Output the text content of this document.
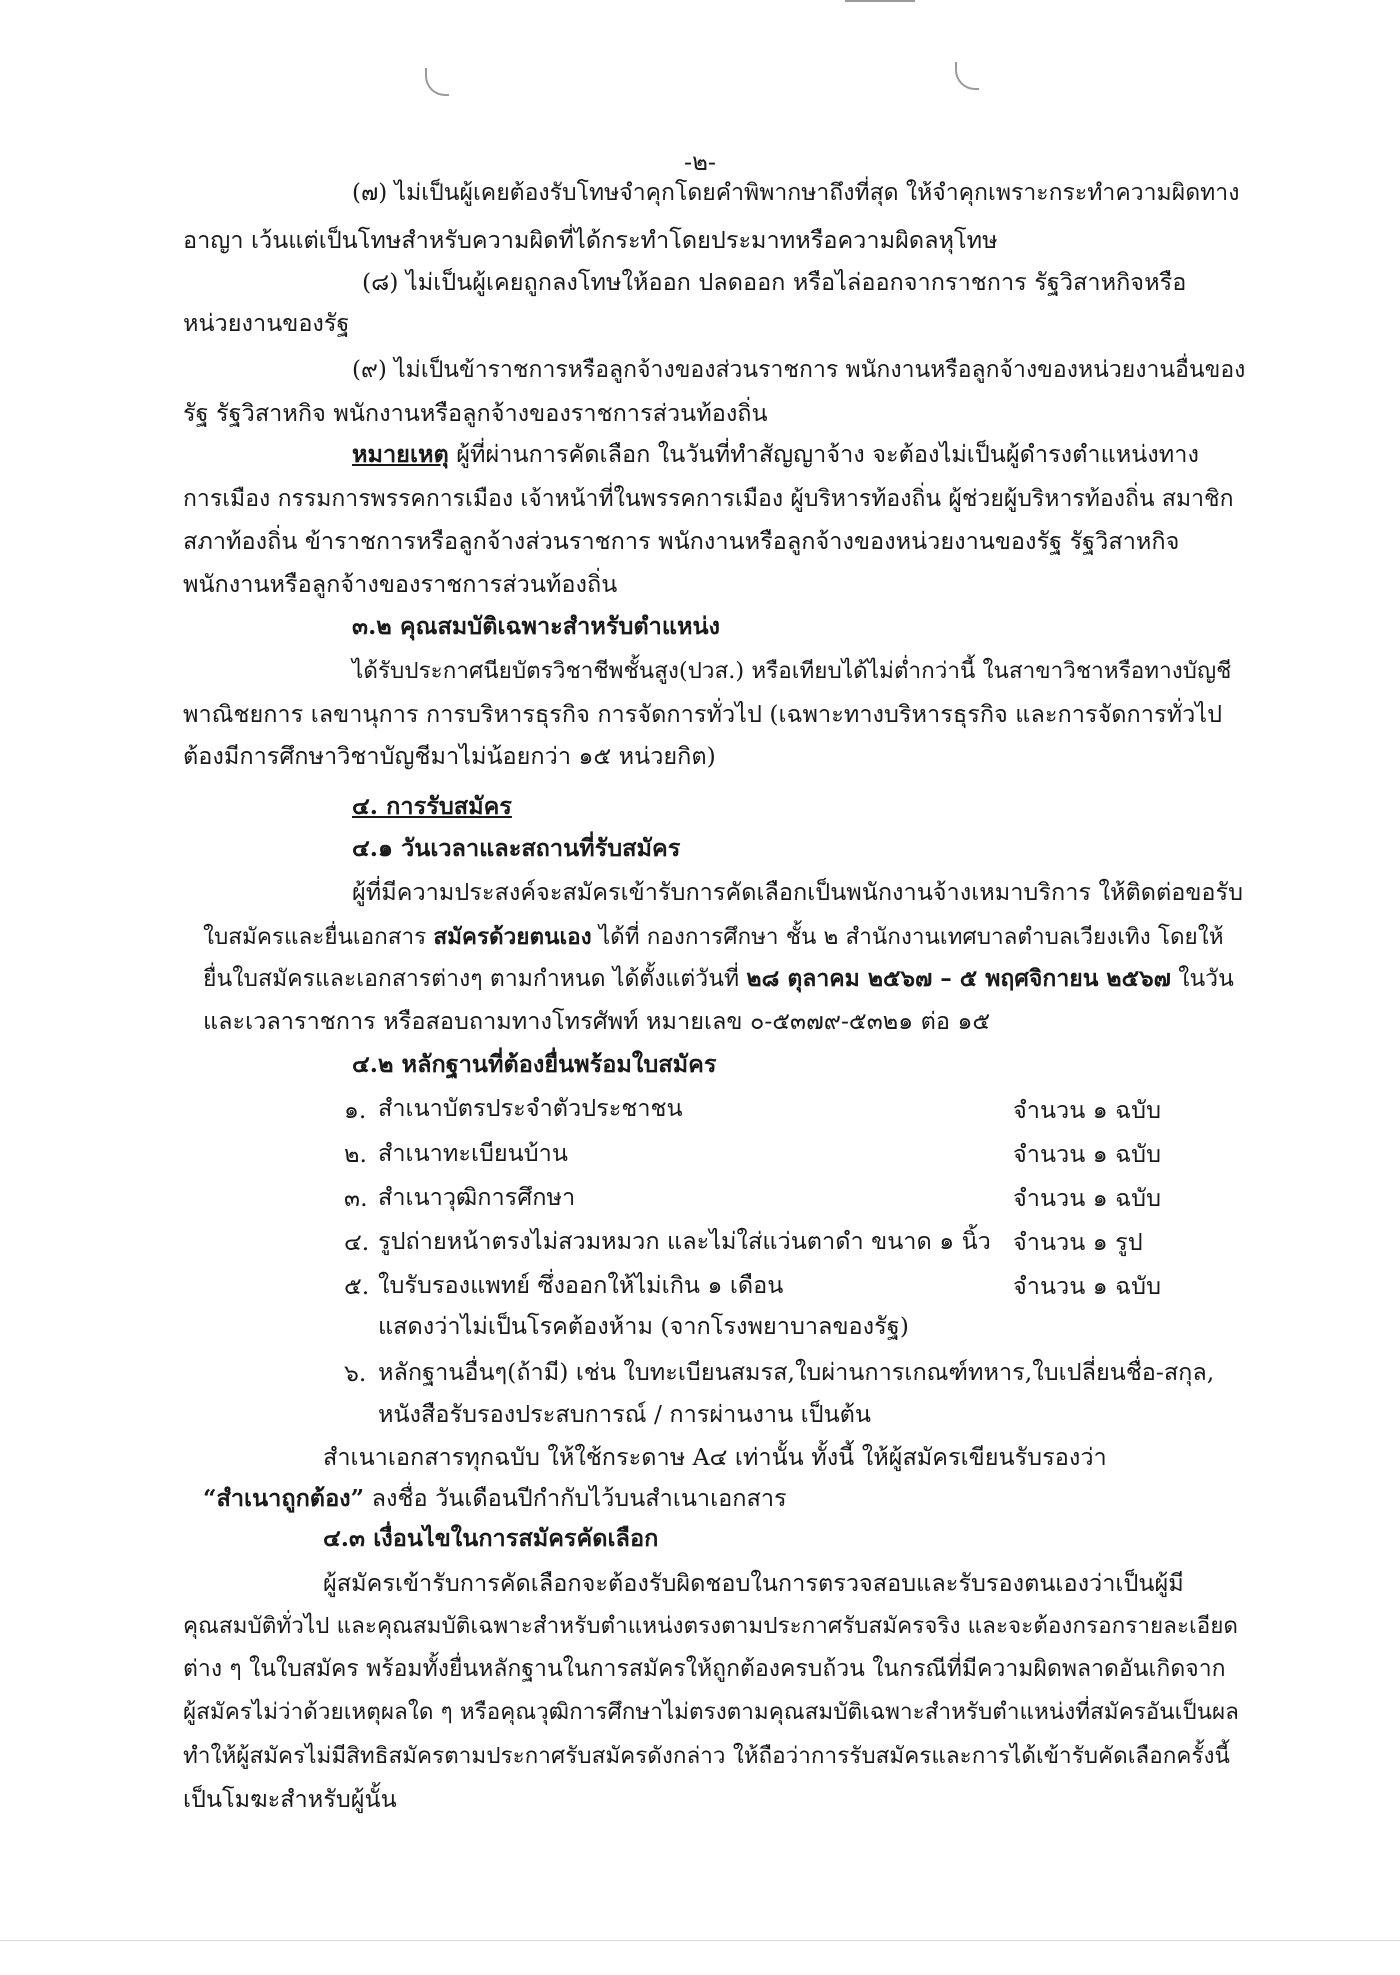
-๒-
(๗) ไม่เป็นผู้เคยต้องรับโทษจำคุกโดยคำพิพากษาถึงที่สุด ให้จำคุกเพราะกระทำความผิดทาง
อาญา เว้นแต่เป็นโทษสำหรับความผิดที่ได้กระทำโดยประมาทหรือความผิดลหุโทษ
(๘) ไม่เป็นผู้เคยถูกลงโทษให้ออก ปลดออก หรือไล่ออกจากราชการ รัฐวิสาหกิจหรือ
หน่วยงานของรัฐ
(๙) ไม่เป็นข้าราชการหรือลูกจ้างของส่วนราชการ พนักงานหรือลูกจ้างของหน่วยงานอื่นของ
รัฐ รัฐวิสาหกิจ พนักงานหรือลูกจ้างของราชการส่วนท้องถิ่น
หมายเหตุ ผู้ที่ผ่านการคัดเลือก ในวันที่ทำสัญญาจ้าง จะต้องไม่เป็นผู้ดำรงตำแหน่งทาง
การเมือง กรรมการพรรคการเมือง เจ้าหน้าที่ในพรรคการเมือง ผู้บริหารท้องถิ่น ผู้ช่วยผู้บริหารท้องถิ่น สมาชิก
สภาท้องถิ่น ข้าราชการหรือลูกจ้างส่วนราชการ พนักงานหรือลูกจ้างของหน่วยงานของรัฐ รัฐวิสาหกิจ
พนักงานหรือลูกจ้างของราชการส่วนท้องถิ่น
๓.๒ คุณสมบัติเฉพาะสำหรับตำแหน่ง
ได้รับประกาศนียบัตรวิชาชีพชั้นสูง(ปวส.) หรือเทียบได้ไม่ต่ำกว่านี้ ในสาขาวิชาหรือทางบัญชี
พาณิชยการ เลขานุการ การบริหารธุรกิจ การจัดการทั่วไป (เฉพาะทางบริหารธุรกิจ และการจัดการทั่วไป
ต้องมีการศึกษาวิชาบัญชีมาไม่น้อยกว่า ๑๕ หน่วยกิต)
๔. การรับสมัคร
๔.๑ วันเวลาและสถานที่รับสมัคร
ผู้ที่มีความประสงค์จะสมัครเข้ารับการคัดเลือกเป็นพนักงานจ้างเหมาบริการ ให้ติดต่อขอรับ
ใบสมัครและยื่นเอกสาร สมัครด้วยตนเอง ได้ที่ กองการศึกษา ชั้น ๒ สำนักงานเทศบาลตำบลเวียงเทิง โดยให้
ยื่นใบสมัครและเอกสารต่างๆ ตามกำหนด ได้ตั้งแต่วันที่ ๒๘ ตุลาคม ๒๕๖๗ – ๕ พฤศจิกายน ๒๕๖๗ ในวัน
และเวลาราชการ หรือสอบถามทางโทรศัพท์ หมายเลข ๐-๕๓๗๙-๕๓๒๑ ต่อ ๑๕
๔.๒ หลักฐานที่ต้องยื่นพร้อมใบสมัคร
๑. สำเนาบัตรประจำตัวประชาชน	จำนวน ๑ ฉบับ
๒. สำเนาทะเบียนบ้าน	จำนวน ๑ ฉบับ
๓. สำเนาวุฒิการศึกษา	จำนวน ๑ ฉบับ
๔. รูปถ่ายหน้าตรงไม่สวมหมวก และไม่ใส่แว่นตาดำ ขนาด ๑ นิ้ว จำนวน ๑ รูป
๕. ใบรับรองแพทย์ ซึ่งออกให้ไม่เกิน ๑ เดือน	จำนวน ๑ ฉบับ
แสดงว่าไม่เป็นโรคต้องห้าม (จากโรงพยาบาลของรัฐ)
๖. หลักฐานอื่นๆ(ถ้ามี) เช่น ใบทะเบียนสมรส,ใบผ่านการเกณฑ์ทหาร,ใบเปลี่ยนชื่อ-สกุล,
หนังสือรับรองประสบการณ์ / การผ่านงาน เป็นต้น
สำเนาเอกสารทุกฉบับ ให้ใช้กระดาษ A๔ เท่านั้น ทั้งนี้ ให้ผู้สมัครเขียนรับรองว่า
“สำเนาถูกต้อง” ลงชื่อ วันเดือนปีกำกับไว้บนสำเนาเอกสาร
๔.๓ เงื่อนไขในการสมัครคัดเลือก
ผู้สมัครเข้ารับการคัดเลือกจะต้องรับผิดชอบในการตรวจสอบและรับรองตนเองว่าเป็นผู้มี
คุณสมบัติทั่วไป และคุณสมบัติเฉพาะสำหรับตำแหน่งตรงตามประกาศรับสมัครจริง และจะต้องกรอกรายละเอียด
ต่าง ๆ ในใบสมัคร พร้อมทั้งยื่นหลักฐานในการสมัครให้ถูกต้องครบถ้วน ในกรณีที่มีความผิดพลาดอันเกิดจาก
ผู้สมัครไม่ว่าด้วยเหตุผลใด ๆ หรือคุณวุฒิการศึกษาไม่ตรงตามคุณสมบัติเฉพาะสำหรับตำแหน่งที่สมัครอันเป็นผล
ทำให้ผู้สมัครไม่มีสิทธิสมัครตามประกาศรับสมัครดังกล่าว ให้ถือว่าการรับสมัครและการได้เข้ารับคัดเลือกครั้งนี้
เป็นโมฆะสำหรับผู้นั้น
